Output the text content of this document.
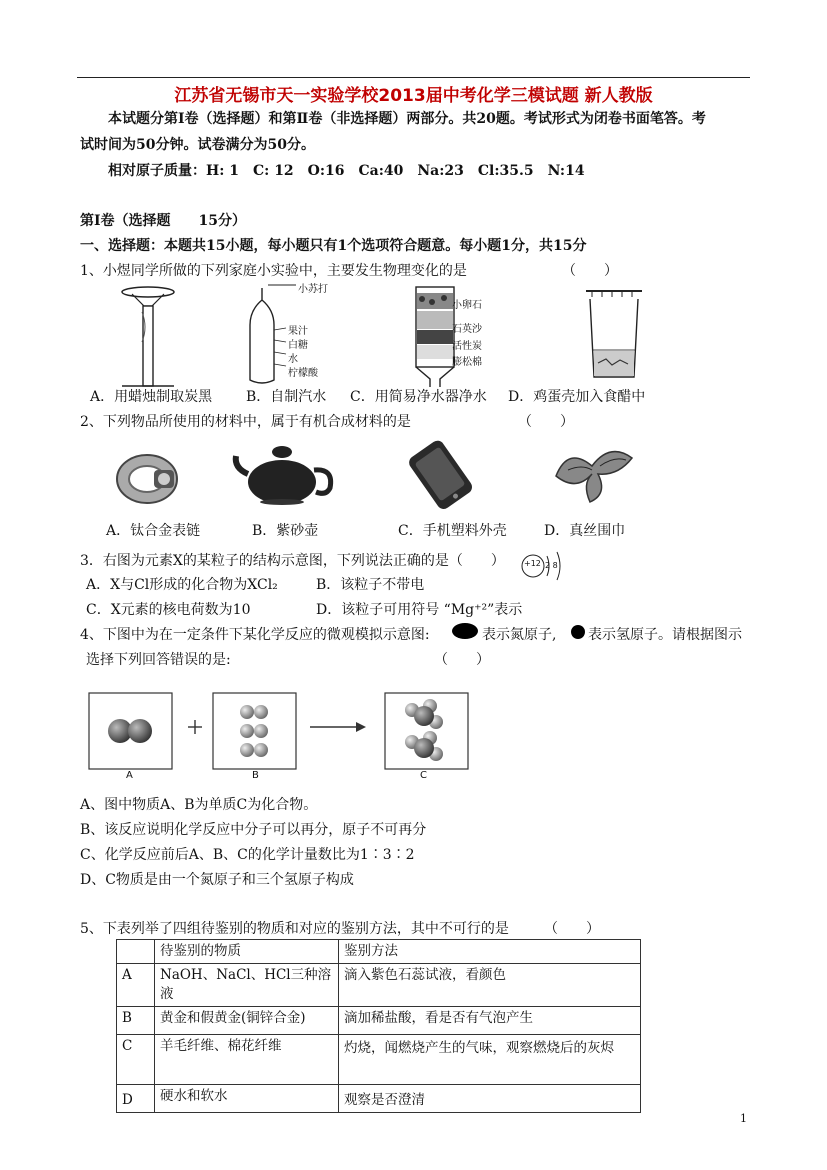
江苏省无锡市天一实验学校2013届中考化学三模试题 新人教版
本试题分第Ⅰ卷（选择题）和第Ⅱ卷（非选择题）两部分。共20题。考试形式为闭卷书面笔答。考
试时间为50分钟。试卷满分为50分。
相对原子质量：H: 1　C: 12　O:16　Ca:40　Na:23　Cl:35.5　N:14
第Ⅰ卷（选择题　　15分）
一、选择题：本题共15小题，每小题只有1个选项符合题意。每小题1分，共15分
1、小煜同学所做的下列家庭小实验中，主要发生物理变化的是	（　　）
小苏打
果汁
白糖
水
柠檬酸
小卵石
石英沙
活性炭
膨松棉
A．用蜡烛制取炭黑 B．自制汽水 C．用简易净水器净水 D．鸡蛋壳加入食醋中
2、下列物品所使用的材料中，属于有机合成材料的是	（　　）
A．钛合金表链	B．紫砂壶	C．手机塑料外壳	D．真丝围巾
3．右图为元素X的某粒子的结构示意图，下列说法正确的是（　　） +12 2 8
A．X与Cl形成的化合物为XCl₂	B．该粒子不带电
C．X元素的核电荷数为10	D．该粒子可用符号 “Mg⁺²”表示
4、下图中为在一定条件下某化学反应的微观模拟示意图:	表示氮原子, 表示氢原子。请根据图示
选择下列回答错误的是:	（　　）
A	B	C
A、图中物质A、B为单质C为化合物。
B、该反应说明化学反应中分子可以再分，原子不可再分
C、化学反应前后A、B、C的化学计量数比为1∶3∶2
D、C物质是由一个氮原子和三个氢原子构成
5、下表列举了四组待鉴别的物质和对应的鉴别方法，其中不可行的是	（　　）
	待鉴别的物质	鉴别方法
A	NaOH、NaCl、HCl三种溶液	滴入紫色石蕊试液，看颜色
B	黄金和假黄金(铜锌合金)	滴加稀盐酸，看是否有气泡产生
C	羊毛纤维、棉花纤维	灼烧，闻燃烧产生的气味，观察燃烧后的灰烬
D	硬水和软水	观察是否澄清
1
